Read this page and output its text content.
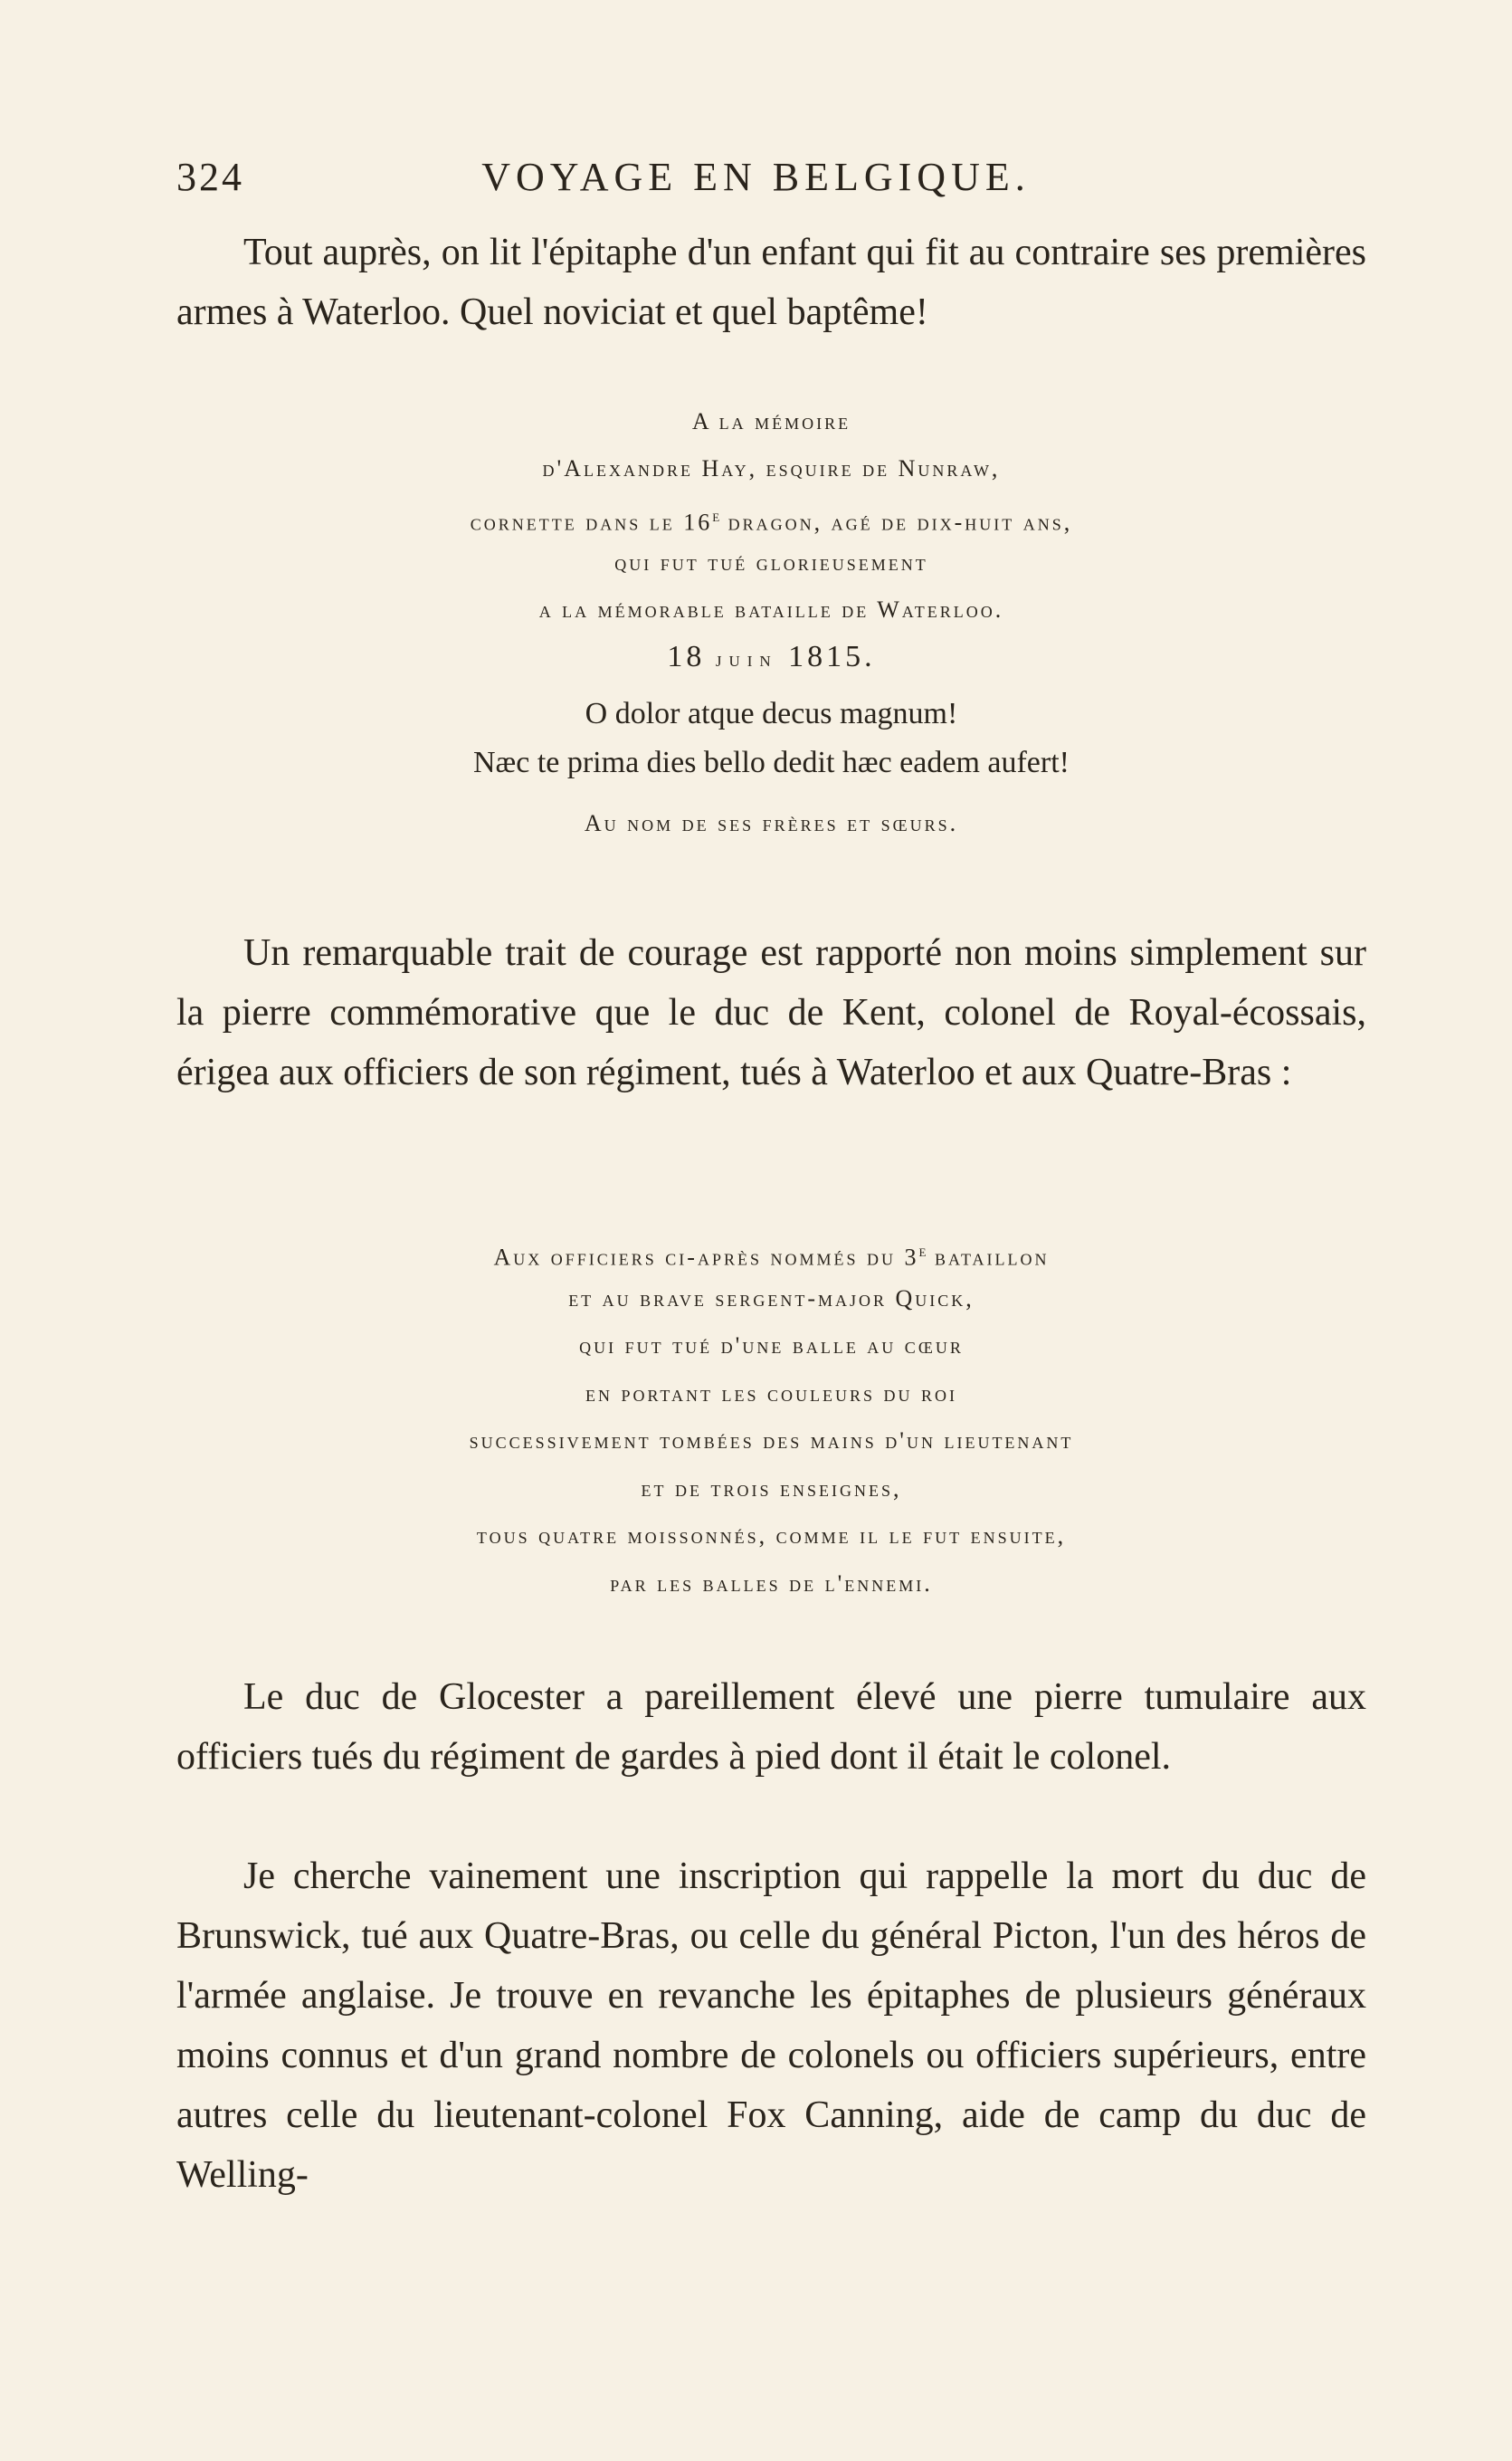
324	VOYAGE EN BELGIQUE.

Tout auprès, on lit l'épitaphe d'un enfant qui fit au contraire ses premières armes à Waterloo. Quel noviciat et quel baptême!

A la mémoire
d'Alexandre Hay, esquire de Nunraw,
cornette dans le 16e dragon, agé de dix-huit ans,
qui fut tué glorieusement
a la mémorable bataille de Waterloo.
18 juin 1815.

O dolor atque decus magnum!

Næc te prima dies bello dedit hæc eadem aufert!

Au nom de ses frères et sœurs.

Un remarquable trait de courage est rapporté non moins simplement sur la pierre commémorative que le duc de Kent, colonel de Royal-écossais, érigea aux officiers de son régiment, tués à Waterloo et aux Quatre-Bras :

Aux officiers ci-après nommés du 3e bataillon
et au brave sergent-major Quick,
qui fut tué d'une balle au cœur
en portant les couleurs du roi
successivement tombées des mains d'un lieutenant
et de trois enseignes,
tous quatre moissonnés, comme il le fut ensuite,
par les balles de l'ennemi.

Le duc de Glocester a pareillement élevé une pierre tumulaire aux officiers tués du régiment de gardes à pied dont il était le colonel.

Je cherche vainement une inscription qui rappelle la mort du duc de Brunswick, tué aux Quatre-Bras, ou celle du général Picton, l'un des héros de l'armée anglaise. Je trouve en revanche les épitaphes de plusieurs généraux moins connus et d'un grand nombre de colonels ou officiers supérieurs, entre autres celle du lieutenant-colonel Fox Canning, aide de camp du duc de Welling-
